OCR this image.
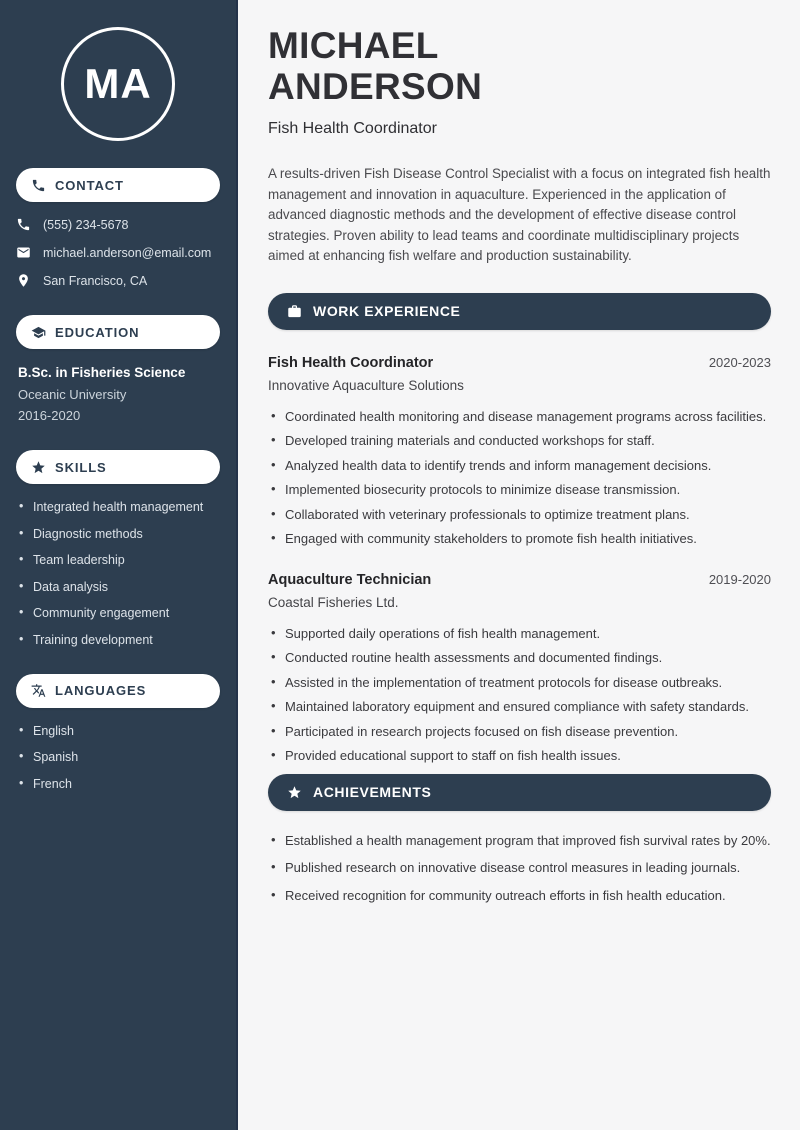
MA
CONTACT
(555) 234-5678
michael.anderson@email.com
San Francisco, CA
EDUCATION
B.Sc. in Fisheries Science
Oceanic University
2016-2020
SKILLS
• Integrated health management
• Diagnostic methods
• Team leadership
• Data analysis
• Community engagement
• Training development
LANGUAGES
• English
• Spanish
• French
MICHAEL
ANDERSON
Fish Health Coordinator

A results-driven Fish Disease Control Specialist with a focus on integrated fish health management and innovation in aquaculture. Experienced in the application of advanced diagnostic methods and the development of effective disease control strategies. Proven ability to lead teams and coordinate multidisciplinary projects aimed at enhancing fish welfare and production sustainability.

WORK EXPERIENCE
Fish Health Coordinator	2020-2023
Innovative Aquaculture Solutions
• Coordinated health monitoring and disease management programs across facilities.
• Developed training materials and conducted workshops for staff.
• Analyzed health data to identify trends and inform management decisions.
• Implemented biosecurity protocols to minimize disease transmission.
• Collaborated with veterinary professionals to optimize treatment plans.
• Engaged with community stakeholders to promote fish health initiatives.
Aquaculture Technician	2019-2020
Coastal Fisheries Ltd.
• Supported daily operations of fish health management.
• Conducted routine health assessments and documented findings.
• Assisted in the implementation of treatment protocols for disease outbreaks.
• Maintained laboratory equipment and ensured compliance with safety standards.
• Participated in research projects focused on fish disease prevention.
• Provided educational support to staff on fish health issues.
ACHIEVEMENTS
• Established a health management program that improved fish survival rates by 20%.
• Published research on innovative disease control measures in leading journals.
• Received recognition for community outreach efforts in fish health education.
